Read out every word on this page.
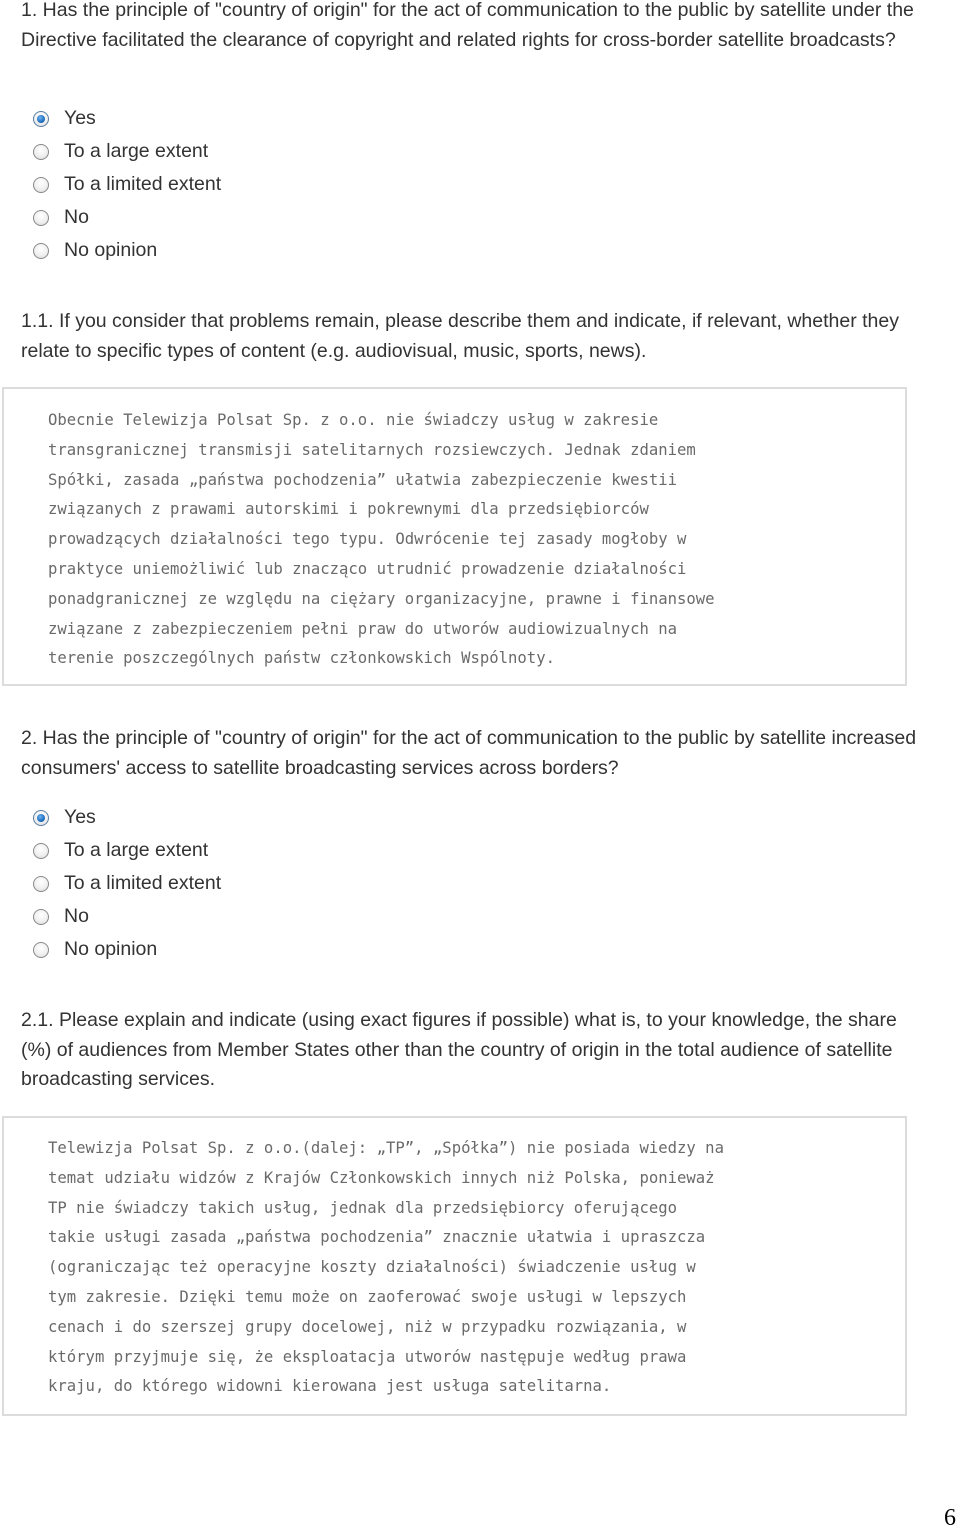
1. Has the principle of "country of origin" for the act of communication to the public by satellite under the Directive facilitated the clearance of copyright and related rights for cross-border satellite broadcasts?

Yes
To a large extent
To a limited extent
No
No opinion

1.1. If you consider that problems remain, please describe them and indicate, if relevant, whether they relate to specific types of content (e.g. audiovisual, music, sports, news).

Obecnie Telewizja Polsat Sp. z o.o. nie świadczy usług w zakresie
transgranicznej transmisji satelitarnych rozsiewczych. Jednak zdaniem
Spółki, zasada „państwa pochodzenia” ułatwia zabezpieczenie kwestii
związanych z prawami autorskimi i pokrewnymi dla przedsiębiorców
prowadzących działalności tego typu. Odwrócenie tej zasady mogłoby w
praktyce uniemożliwić lub znacząco utrudnić prowadzenie działalności
ponadgranicznej ze względu na ciężary organizacyjne, prawne i finansowe
związane z zabezpieczeniem pełni praw do utworów audiowizualnych na
terenie poszczególnych państw członkowskich Wspólnoty.

2. Has the principle of "country of origin" for the act of communication to the public by satellite increased consumers' access to satellite broadcasting services across borders?

Yes
To a large extent
To a limited extent
No
No opinion

2.1. Please explain and indicate (using exact figures if possible) what is, to your knowledge, the share (%) of audiences from Member States other than the country of origin in the total audience of satellite broadcasting services.

Telewizja Polsat Sp. z o.o.(dalej: „TP”, „Spółka”) nie posiada wiedzy na
temat udziału widzów z Krajów Członkowskich innych niż Polska, ponieważ
TP nie świadczy takich usług, jednak dla przedsiębiorcy oferującego
takie usługi zasada „państwa pochodzenia” znacznie ułatwia i upraszcza
(ograniczając też operacyjne koszty działalności) świadczenie usług w
tym zakresie. Dzięki temu może on zaoferować swoje usługi w lepszych
cenach i do szerszej grupy docelowej, niż w przypadku rozwiązania, w
którym przyjmuje się, że eksploatacja utworów następuje według prawa
kraju, do którego widowni kierowana jest usługa satelitarna.

6
